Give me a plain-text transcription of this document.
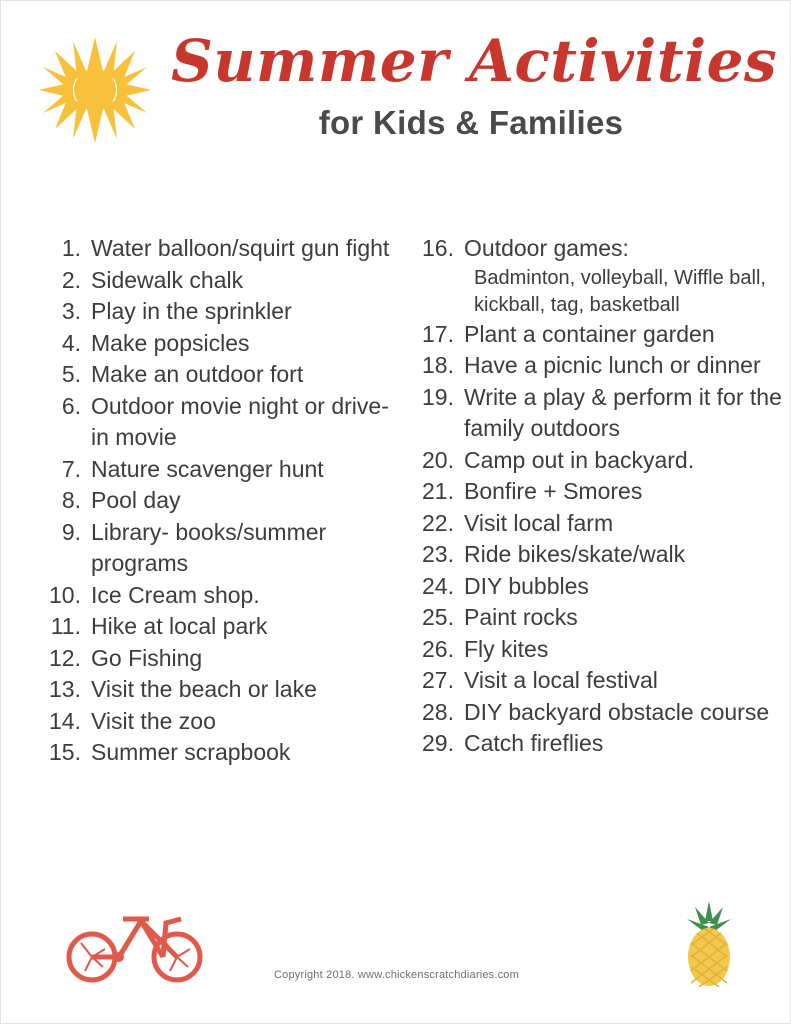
Summer Activities
for Kids & Families
1. Water balloon/squirt gun fight
2. Sidewalk chalk
3. Play in the sprinkler
4. Make popsicles
5. Make an outdoor fort
6. Outdoor movie night or drive-in movie
7. Nature scavenger hunt
8. Pool day
9. Library- books/summer programs
10. Ice Cream shop.
11. Hike at local park
12. Go Fishing
13. Visit the beach or lake
14. Visit the zoo
15. Summer scrapbook
16. Outdoor games:
Badminton, volleyball, Wiffle ball, kickball, tag, basketball
17. Plant a container garden
18. Have a picnic lunch or dinner
19. Write a play & perform it for the family outdoors
20. Camp out in backyard.
21. Bonfire + Smores
22. Visit local farm
23. Ride bikes/skate/walk
24. DIY bubbles
25. Paint rocks
26. Fly kites
27. Visit a local festival
28. DIY backyard obstacle course
29. Catch fireflies
Copyright 2018. www.chickenscratchdiaries.com
